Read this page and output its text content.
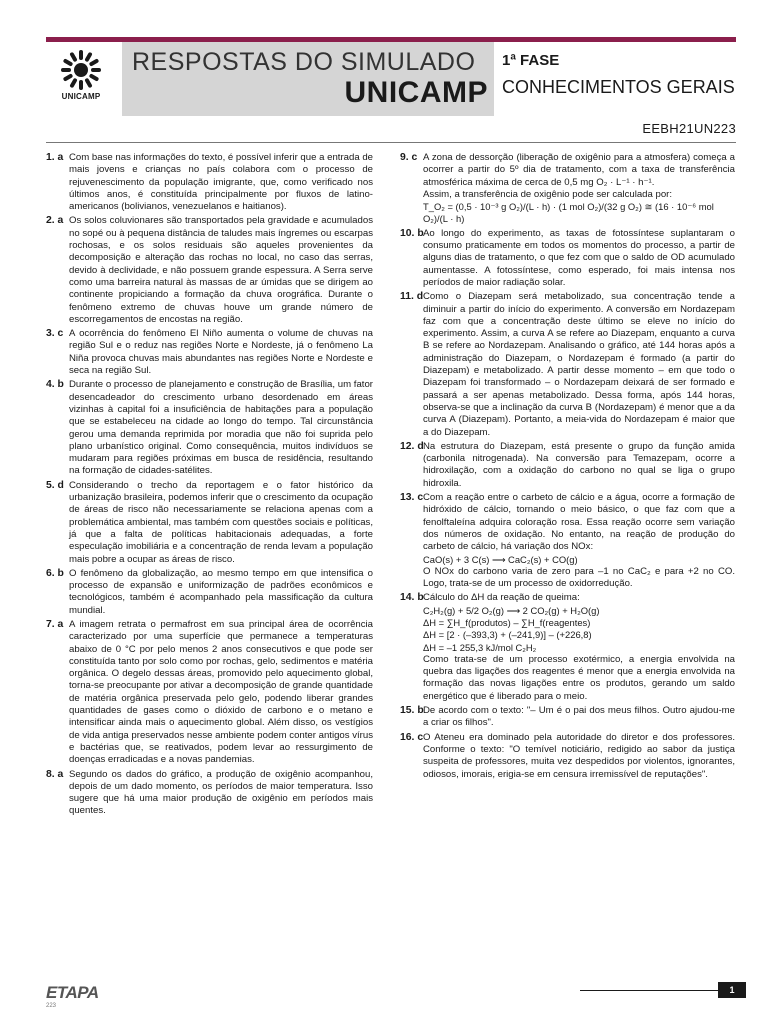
UNICAMP
RESPOSTAS DO SIMULADO
UNICAMP
1ª FASE
CONHECIMENTOS GERAIS
EEBH21UN223
1. a Com base nas informações do texto, é possível inferir que a entrada de mais jovens e crianças no país colabora com o processo de rejuvenescimento da população imigrante, que, como verificado nos últimos anos, é constituída principalmente por fluxos de latino-americanos (bolivianos, venezuelanos e haitianos).

2. a Os solos coluvionares são transportados pela gravidade e acumulados no sopé ou à pequena distância de taludes mais íngremes ou escarpas rochosas, e os solos residuais são aqueles provenientes da decomposição e alteração das rochas no local, no caso das serras, devido à declividade, e não possuem grande espessura. A Serra serve como uma barreira natural às massas de ar úmidas que se dirigem ao continente propiciando a formação da chuva orográfica. Durante o fenômeno extremo de chuvas houve um grande número de escorregamentos de encostas na região.

3. c A ocorrência do fenômeno El Niño aumenta o volume de chuvas na região Sul e o reduz nas regiões Norte e Nordeste, já o fenômeno La Niña provoca chuvas mais abundantes nas regiões Norte e Nordeste e seca na região Sul.

4. b Durante o processo de planejamento e construção de Brasília, um fator desencadeador do crescimento urbano desordenado em áreas vizinhas à capital foi a insuficiência de habitações para a população que se estabeleceu na cidade ao longo do tempo. Tal circunstância gerou uma demanda reprimida por moradia que não foi suprida pelo plano urbanístico original. Como consequência, muitos indivíduos se mudaram para regiões próximas em busca de residência, resultando na formação de cidades-satélites.

5. d Considerando o trecho da reportagem e o fator histórico da urbanização brasileira, podemos inferir que o crescimento da ocupação de áreas de risco não necessariamente se relaciona apenas com a problemática ambiental, mas também com questões sociais e políticas, já que a falta de políticas habitacionais adequadas, a forte especulação imobiliária e a concentração de renda levam a população mais pobre a ocupar as áreas de risco.

6. b O fenômeno da globalização, ao mesmo tempo em que intensifica o processo de expansão e uniformização de padrões econômicos e tecnológicos, também é acompanhado pela massificação da cultura mundial.

7. a A imagem retrata o permafrost em sua principal área de ocorrência caracterizado por uma superfície que permanece a temperaturas abaixo de 0 °C por pelo menos 2 anos consecutivos e que pode ser constituída tanto por solo como por rochas, gelo, sedimentos e matéria orgânica. O degelo dessas áreas, promovido pelo aquecimento global, torna-se preocupante por ativar a decomposição de grande quantidade de matéria orgânica preservada pelo gelo, podendo liberar grandes quantidades de gases como o dióxido de carbono e o metano e intensificar ainda mais o aquecimento global. Além disso, os vestígios de vida antiga preservados nesse ambiente podem conter antigos vírus e bactérias que, se reativados, podem levar ao ressurgimento de doenças erradicadas e a novas pandemias.

8. a Segundo os dados do gráfico, a produção de oxigênio acompanhou, depois de um dado momento, os períodos de maior temperatura. Isso sugere que há uma maior produção de oxigênio em períodos mais quentes.

9. c A zona de dessorção (liberação de oxigênio para a atmosfera) começa a ocorrer a partir do 5º dia de tratamento, com a taxa de transferência atmosférica máxima de cerca de 0,5 mg O₂ · L⁻¹ · h⁻¹.

Assim, a transferência de oxigênio pode ser calculada por:

T_O₂ = (0,5 · 10⁻³ g O₂)/(L · h) · (1 mol O₂)/(32 g O₂) ≅ (16 · 10⁻⁶ mol O₂)/(L · h)

10. b Ao longo do experimento, as taxas de fotossíntese suplantaram o consumo praticamente em todos os momentos do processo, a partir de alguns dias de tratamento, o que fez com que o saldo de OD acumulado aumentasse. A fotossíntese, como esperado, foi mais intensa nos períodos de maior radiação solar.

11. d Como o Diazepam será metabolizado, sua concentração tende a diminuir a partir do início do experimento. A conversão em Nordazepam faz com que a concentração deste último se eleve no início do experimento. Assim, a curva A se refere ao Diazepam, enquanto a curva B se refere ao Nordazepam. Analisando o gráfico, até 144 horas após a administração do Diazepam, o Nordazepam é formado (a partir do Diazepam) e metabolizado. A partir desse momento – em que todo o Diazepam foi transformado – o Nordazepam deixará de ser formado e passará a ser apenas metabolizado. Dessa forma, após 144 horas, observa-se que a inclinação da curva B (Nordazepam) é menor que a da curva A (Diazepam). Portanto, a meia-vida do Nordazepam é maior que a do Diazepam.

12. d Na estrutura do Diazepam, está presente o grupo da função amida (carbonila nitrogenada). Na conversão para Temazepam, ocorre a hidroxilação, com a oxidação do carbono no qual se liga o grupo hidroxila.

13. c Com a reação entre o carbeto de cálcio e a água, ocorre a formação de hidróxido de cálcio, tornando o meio básico, o que faz com que a fenolftaleína adquira coloração rosa. Essa reação ocorre sem variação dos números de oxidação. No entanto, na reação de produção do carbeto de cálcio, há variação dos NOx:

CaO(s) + 3 C(s) ⟶ CaC₂(s) + CO(g)

O NOx do carbono varia de zero para –1 no CaC₂ e para +2 no CO. Logo, trata-se de um processo de oxidorredução.

14. b Cálculo do ΔH da reação de queima:

C₂H₂(g) + 5/2 O₂(g) ⟶ 2 CO₂(g) + H₂O(g)

ΔH = ∑H_f(produtos) – ∑H_f(reagentes)

ΔH = [2 · (–393,3) + (–241,9)] – (+226,8)

ΔH = –1 255,3 kJ/mol C₂H₂

Como trata-se de um processo exotérmico, a energia envolvida na quebra das ligações dos reagentes é menor que a energia envolvida na formação das novas ligações entre os produtos, gerando um saldo energético que é liberado para o meio.

15. b De acordo com o texto: "– Um é o pai dos meus filhos. Outro ajudou-me a criar os filhos".

16. c O Ateneu era dominado pela autoridade do diretor e dos professores. Conforme o texto: "O temível noticiário, redigido ao sabor da justiça suspeita de professores, muita vez despedidos por violentos, ignorantes, odiosos, imorais, erigia-se em censura irremissível de reputações".

ETAPA
223
1
